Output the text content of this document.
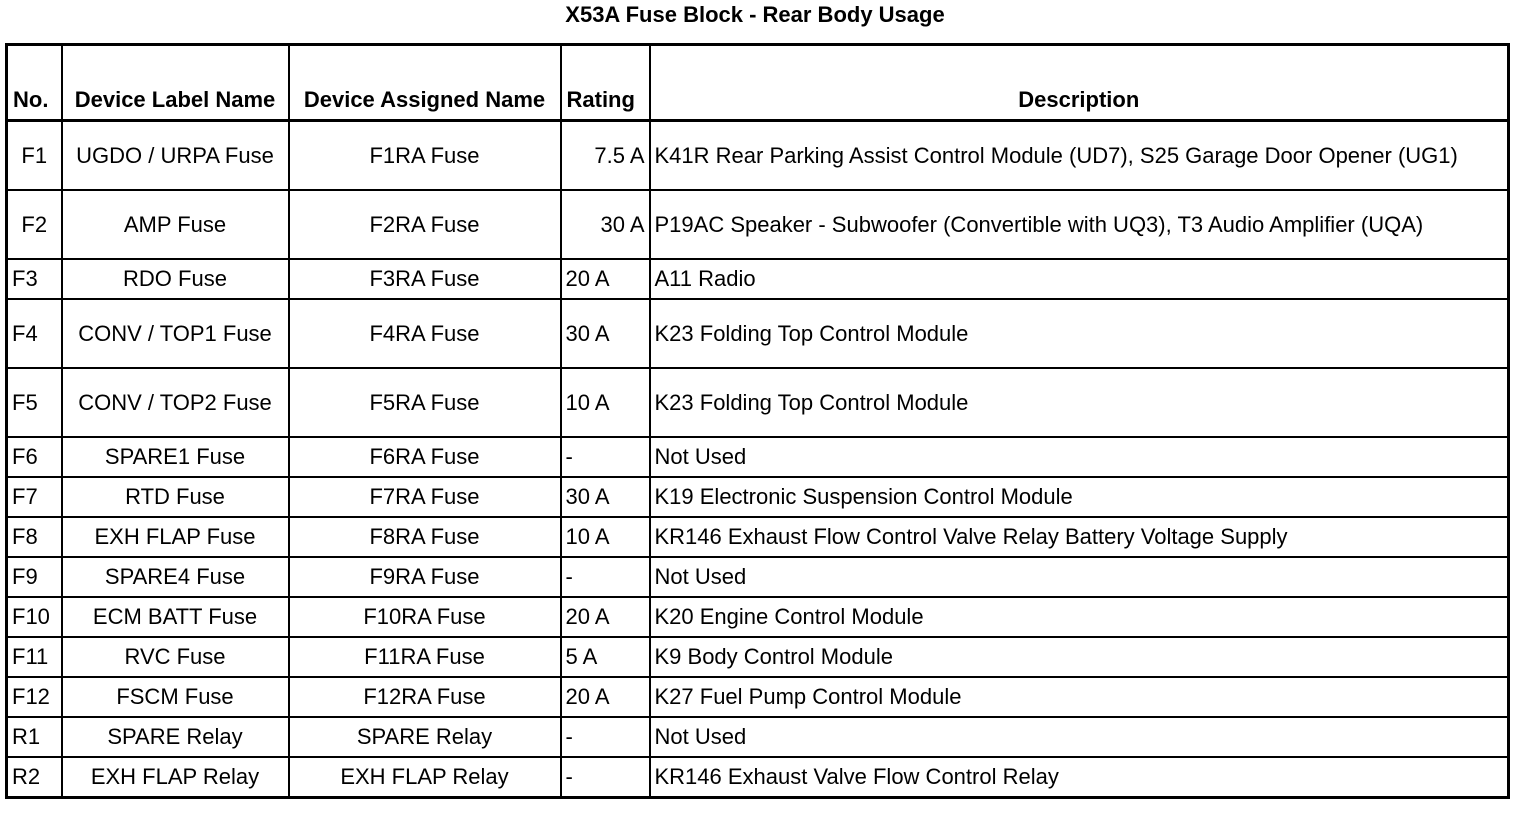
X53A Fuse Block - Rear Body Usage
No.	Device Label Name	Device Assigned Name	Rating	Description
F1	UGDO / URPA Fuse	F1RA Fuse	7.5 A	K41R Rear Parking Assist Control Module (UD7), S25 Garage Door Opener (UG1)
F2	AMP Fuse	F2RA Fuse	30 A	P19AC Speaker - Subwoofer (Convertible with UQ3), T3 Audio Amplifier (UQA)
F3	RDO Fuse	F3RA Fuse	20 A	A11 Radio
F4	CONV / TOP1 Fuse	F4RA Fuse	30 A	K23 Folding Top Control Module
F5	CONV / TOP2 Fuse	F5RA Fuse	10 A	K23 Folding Top Control Module
F6	SPARE1 Fuse	F6RA Fuse	-	Not Used
F7	RTD Fuse	F7RA Fuse	30 A	K19 Electronic Suspension Control Module
F8	EXH FLAP Fuse	F8RA Fuse	10 A	KR146 Exhaust Flow Control Valve Relay Battery Voltage Supply
F9	SPARE4 Fuse	F9RA Fuse	-	Not Used
F10	ECM BATT Fuse	F10RA Fuse	20 A	K20 Engine Control Module
F11	RVC Fuse	F11RA Fuse	5 A	K9 Body Control Module
F12	FSCM Fuse	F12RA Fuse	20 A	K27 Fuel Pump Control Module
R1	SPARE Relay	SPARE Relay	-	Not Used
R2	EXH FLAP Relay	EXH FLAP Relay	-	KR146 Exhaust Valve Flow Control Relay
